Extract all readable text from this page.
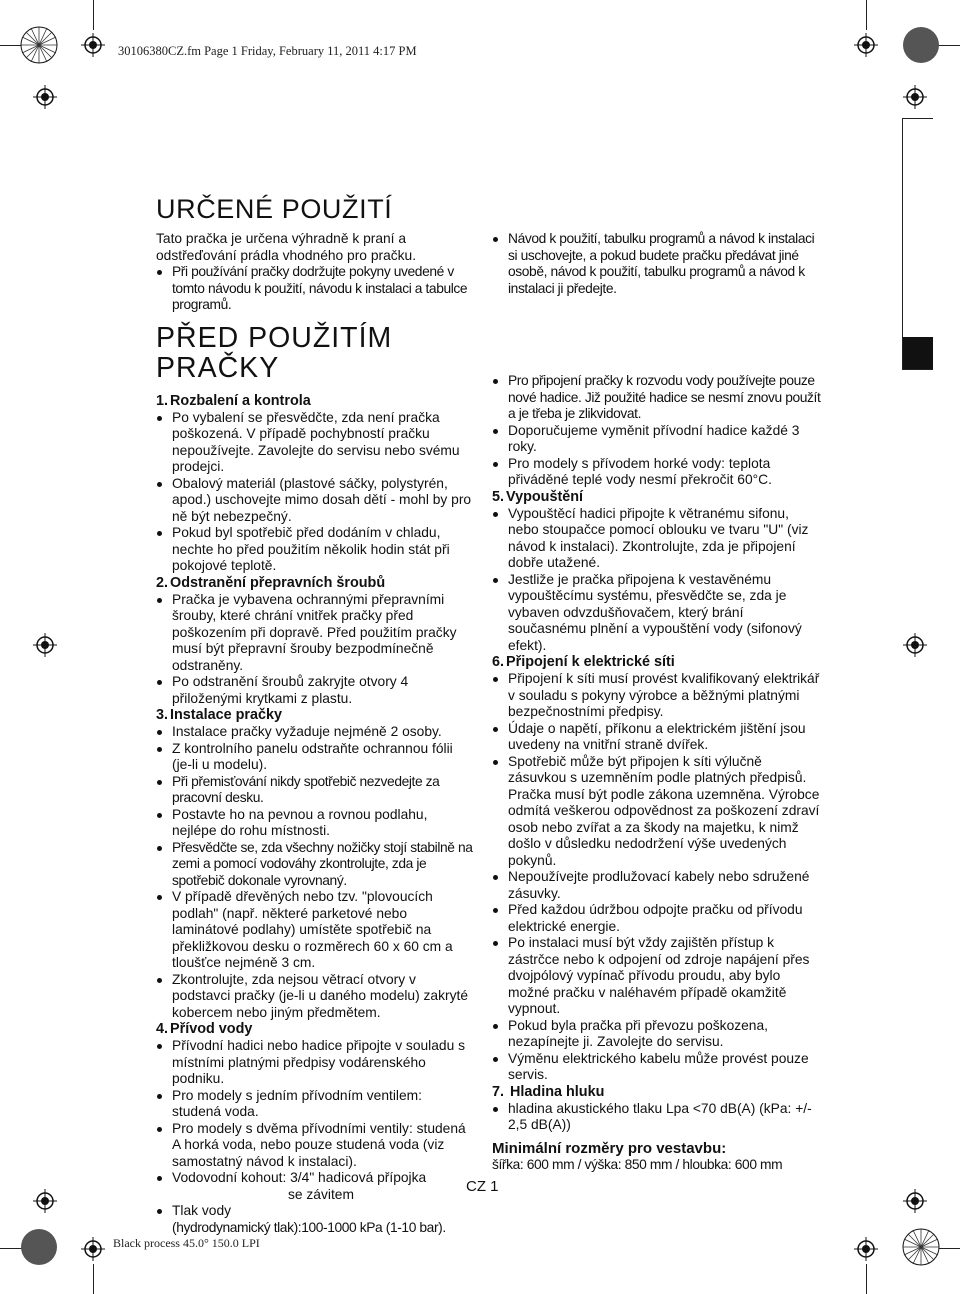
30106380CZ.fm Page 1 Friday, February 11, 2011 4:17 PM
Black process 45.0° 150.0 LPI
URČENÉ POUŽITÍ
Tato pračka je určena výhradně k praní a odstřeďování prádla vhodného pro pračku.
Při používání pračky dodržujte pokyny uvedené v tomto návodu k použití, návodu k instalaci a tabulce programů.
PŘED POUŽITÍM PRAČKY
1. Rozbalení a kontrola
Po vybalení se přesvědčte, zda není pračka poškozená. V případě pochybností pračku nepoužívejte. Zavolejte do servisu nebo svému prodejci.
Obalový materiál (plastové sáčky, polystyrén, apod.) uschovejte mimo dosah dětí - mohl by pro ně být nebezpečný.
Pokud byl spotřebič před dodáním v chladu, nechte ho před použitím několik hodin stát při pokojové teplotě.
2. Odstranění přepravních šroubů
Pračka je vybavena ochrannými přepravními šrouby, které chrání vnitřek pračky před poškozením při dopravě. Před použitím pračky musí být přepravní šrouby bezpodmínečně odstraněny.
Po odstranění šroubů zakryjte otvory 4 přiloženými krytkami z plastu.
3. Instalace pračky
Instalace pračky vyžaduje nejméně 2 osoby.
Z kontrolního panelu odstraňte ochrannou fólii (je-li u modelu).
Při přemisťování nikdy spotřebič nezvedejte za pracovní desku.
Postavte ho na pevnou a rovnou podlahu, nejlépe do rohu místnosti.
Přesvědčte se, zda všechny nožičky stojí stabilně na zemi a pomocí vodováhy zkontrolujte, zda je spotřebič dokonale vyrovnaný.
V případě dřevěných nebo tzv. "plovoucích podlah" (např. některé parketové nebo laminátové podlahy) umístěte spotřebič na překližkovou desku o rozměrech 60 x 60 cm a tloušťce nejméně 3 cm.
Zkontrolujte, zda nejsou větrací otvory v podstavci pračky (je-li u daného modelu) zakryté kobercem nebo jiným předmětem.
4. Přívod vody
Přívodní hadici nebo hadice připojte v souladu s místními platnými předpisy vodárenského podniku.
Pro modely s jedním přívodním ventilem: studená voda.
Pro modely s dvěma přívodními ventily: studená A horká voda, nebo pouze studená voda (viz samostatný návod k instalaci).
Vodovodní kohout: 3/4" hadicová přípojka
se závitem
Tlak vody
(hydrodynamický tlak):100-1000 kPa (1-10 bar).
Návod k použití, tabulku programů a návod k instalaci si uschovejte, a pokud budete pračku předávat jiné osobě, návod k použití, tabulku programů a návod k instalaci ji předejte.
Pro připojení pračky k rozvodu vody používejte pouze nové hadice. Již použité hadice se nesmí znovu použít a je třeba je zlikvidovat.
Doporučujeme vyměnit přívodní hadice každé 3 roky.
Pro modely s přívodem horké vody: teplota přiváděné teplé vody nesmí překročit 60°C.
5. Vypouštění
Vypouštěcí hadici připojte k větranému sifonu, nebo stoupačce pomocí oblouku ve tvaru "U" (viz návod k instalaci). Zkontrolujte, zda je připojení dobře utažené.
Jestliže je pračka připojena k vestavěnému vypouštěcímu systému, přesvědčte se, zda je vybaven odvzdušňovačem, který brání současnému plnění a vypouštění vody (sifonový efekt).
6. Připojení k elektrické síti
Připojení k síti musí provést kvalifikovaný elektrikář v souladu s pokyny výrobce a běžnými platnými bezpečnostními předpisy.
Údaje o napětí, příkonu a elektrickém jištění jsou uvedeny na vnitřní straně dvířek.
Spotřebič může být připojen k síti výlučně zásuvkou s uzemněním podle platných předpisů. Pračka musí být podle zákona uzemněna. Výrobce odmítá veškerou odpovědnost za poškození zdraví osob nebo zvířat a za škody na majetku, k nimž došlo v důsledku nedodržení výše uvedených pokynů.
Nepoužívejte prodlužovací kabely nebo sdružené zásuvky.
Před každou údržbou odpojte pračku od přívodu elektrické energie.
Po instalaci musí být vždy zajištěn přístup k zástrčce nebo k odpojení od zdroje napájení přes dvojpólový vypínač přívodu proudu, aby bylo možné pračku v naléhavém případě okamžitě vypnout.
Pokud byla pračka při převozu poškozena, nezapínejte ji. Zavolejte do servisu.
Výměnu elektrického kabelu může provést pouze servis.
7. Hladina hluku
hladina akustického tlaku Lpa <70 dB(A) (kPa: +/- 2,5 dB(A))
Minimální rozměry pro vestavbu:
šířka: 600 mm / výška: 850 mm / hloubka: 600 mm
CZ 1
